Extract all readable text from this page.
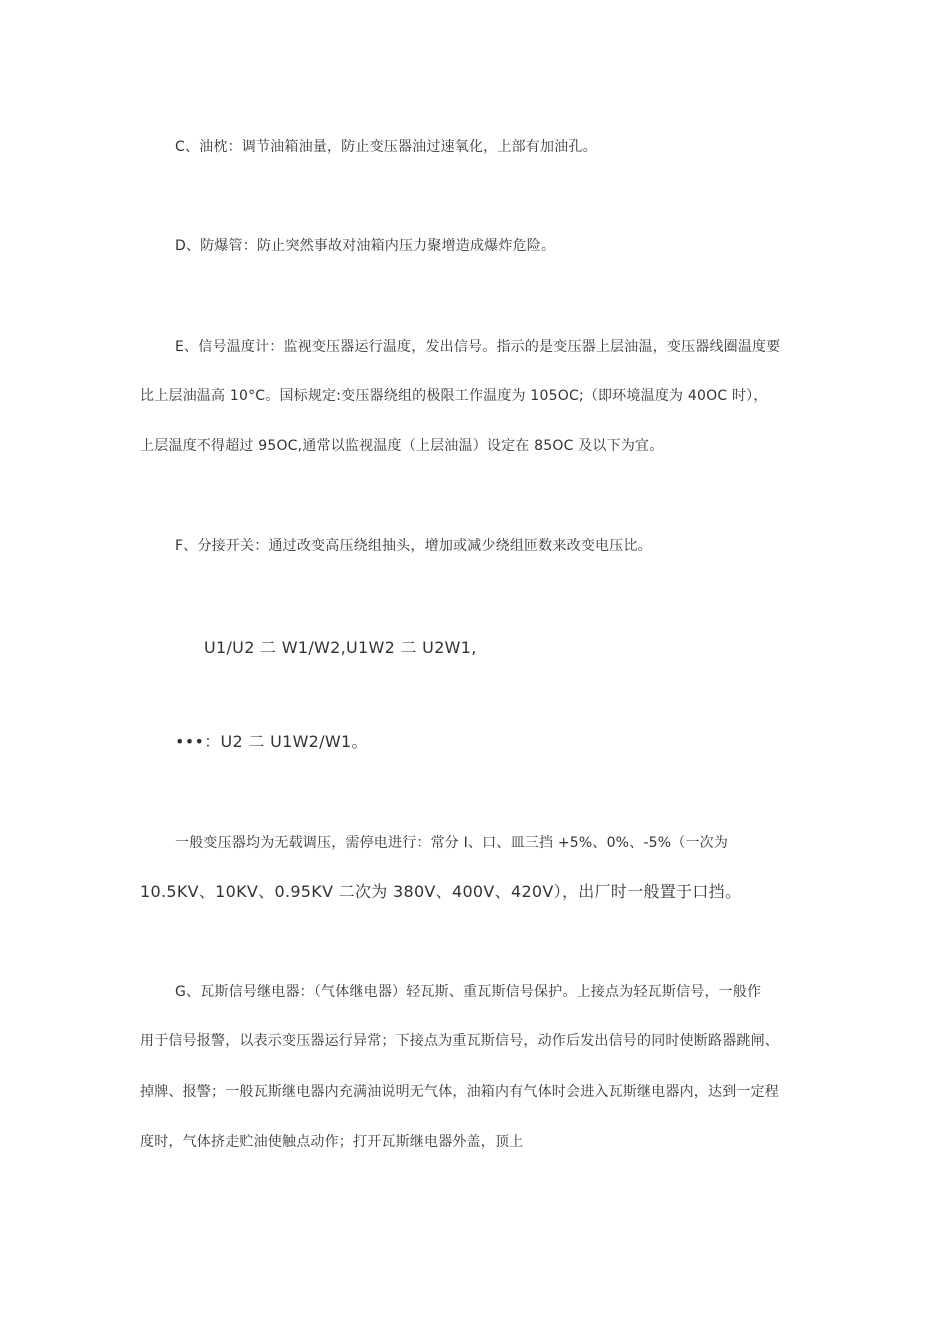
C、油枕：调节油箱油量，防止变压器油过速氧化，上部有加油孔。
D、防爆管：防止突然事故对油箱内压力聚增造成爆炸危险。
E、信号温度计：监视变压器运行温度，发出信号。指示的是变压器上层油温，变压器线圈温度要
比上层油温高 10°C。国标规定:变压器绕组的极限工作温度为 105OC;（即环境温度为 40OC 时），
上层温度不得超过 95OC,通常以监视温度（上层油温）设定在 85OC 及以下为宜。
F、分接开关：通过改变高压绕组抽头，增加或减少绕组匝数来改变电压比。
U1/U2 二 W1/W2,U1W2 二 U2W1,
•••：U2 二 U1W2/W1。
一般变压器均为无载调压，需停电进行：常分 I、口、皿三挡 +5%、0%、-5%（一次为
10.5KV、10KV、0.95KV 二次为 380V、400V、420V），出厂时一般置于口挡。
G、瓦斯信号继电器：（气体继电器）轻瓦斯、重瓦斯信号保护。上接点为轻瓦斯信号，一般作
用于信号报警，以表示变压器运行异常；下接点为重瓦斯信号，动作后发出信号的同时使断路器跳闸、
掉牌、报警；一般瓦斯继电器内充满油说明无气体，油箱内有气体时会进入瓦斯继电器内，达到一定程
度时，气体挤走贮油使触点动作；打开瓦斯继电器外盖，顶上
